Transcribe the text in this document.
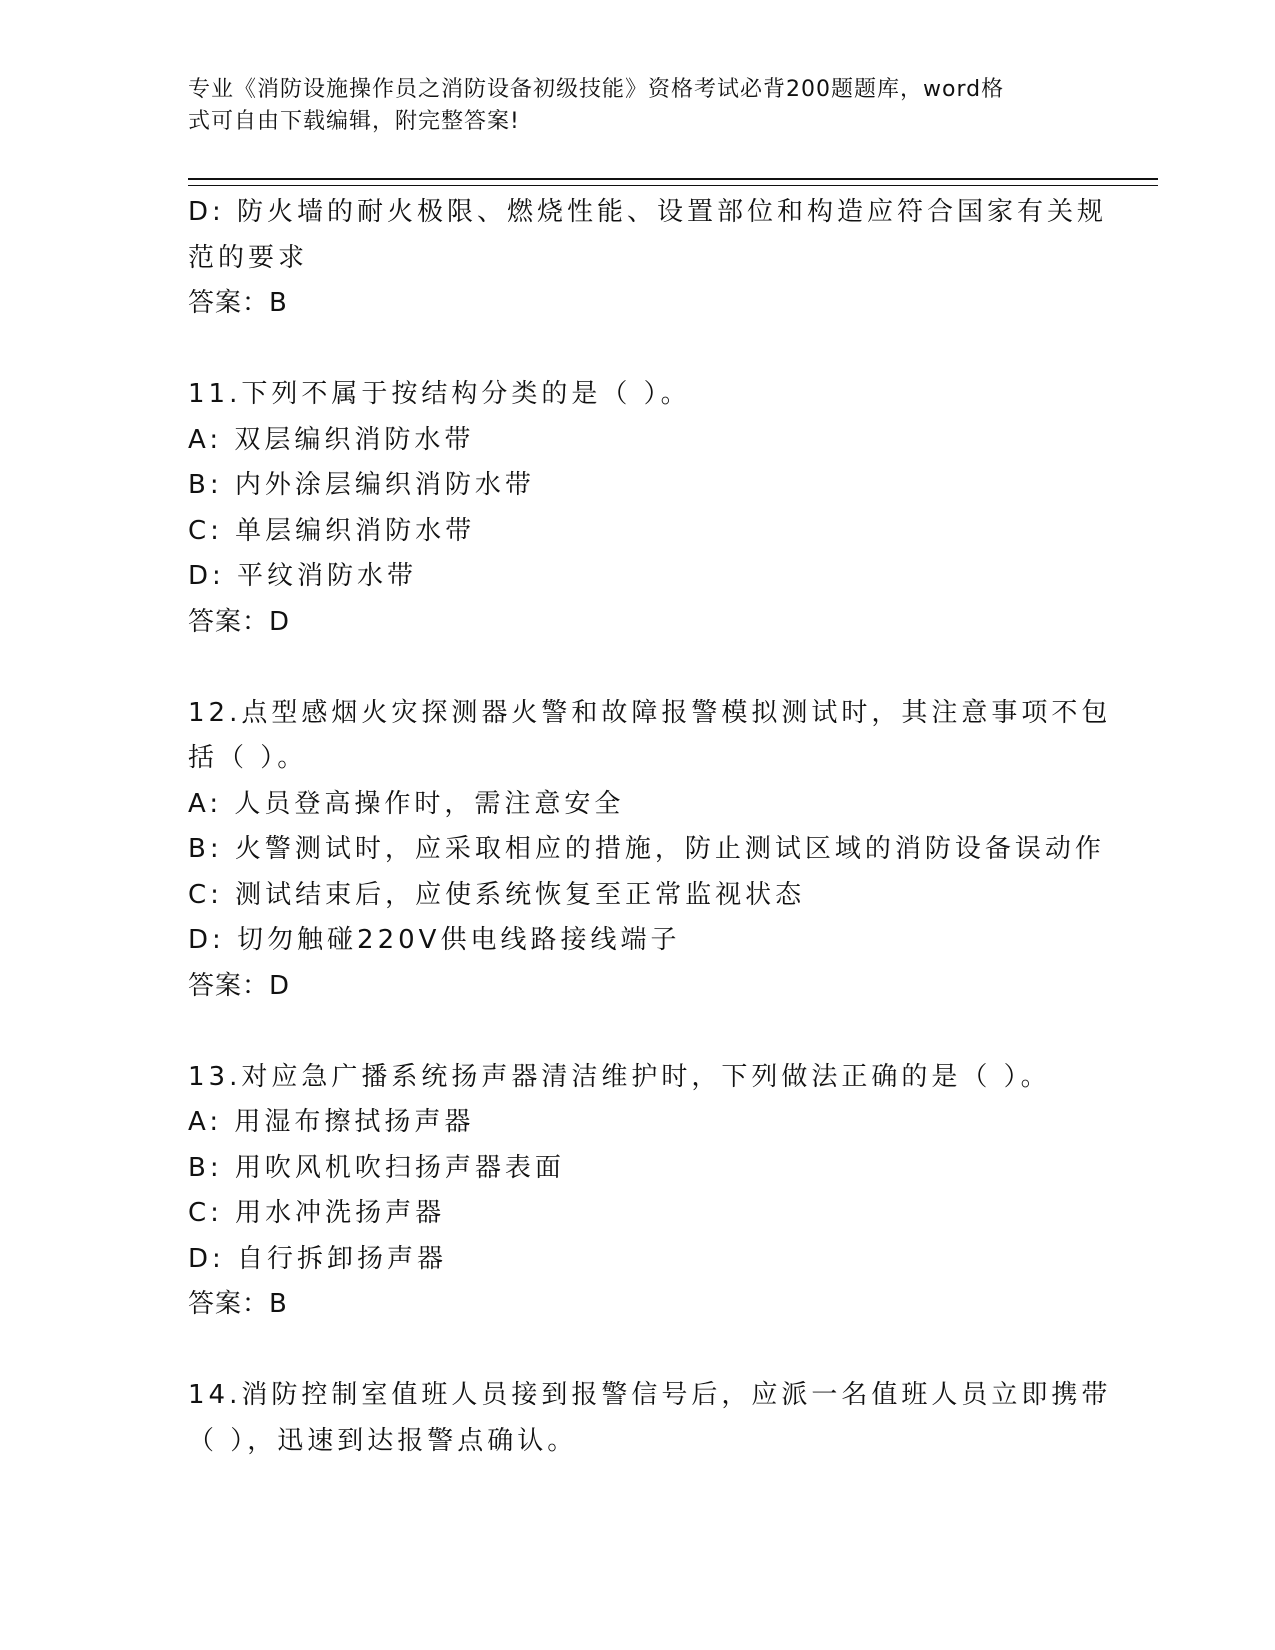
专业《消防设施操作员之消防设备初级技能》资格考试必背200题题库，word格
式可自由下载编辑，附完整答案!
D: 防火墙的耐火极限、燃烧性能、设置部位和构造应符合国家有关规
范的要求
答案：B
11.下列不属于按结构分类的是（ ）。
A: 双层编织消防水带
B: 内外涂层编织消防水带
C: 单层编织消防水带
D: 平纹消防水带
答案：D
12.点型感烟火灾探测器火警和故障报警模拟测试时，其注意事项不包
括（ ）。
A: 人员登高操作时，需注意安全
B: 火警测试时，应采取相应的措施，防止测试区域的消防设备误动作
C: 测试结束后，应使系统恢复至正常监视状态
D: 切勿触碰220V供电线路接线端子
答案：D
13.对应急广播系统扬声器清洁维护时，下列做法正确的是（ ）。
A: 用湿布擦拭扬声器
B: 用吹风机吹扫扬声器表面
C: 用水冲洗扬声器
D: 自行拆卸扬声器
答案：B
14.消防控制室值班人员接到报警信号后，应派一名值班人员立即携带
（ ），迅速到达报警点确认。
